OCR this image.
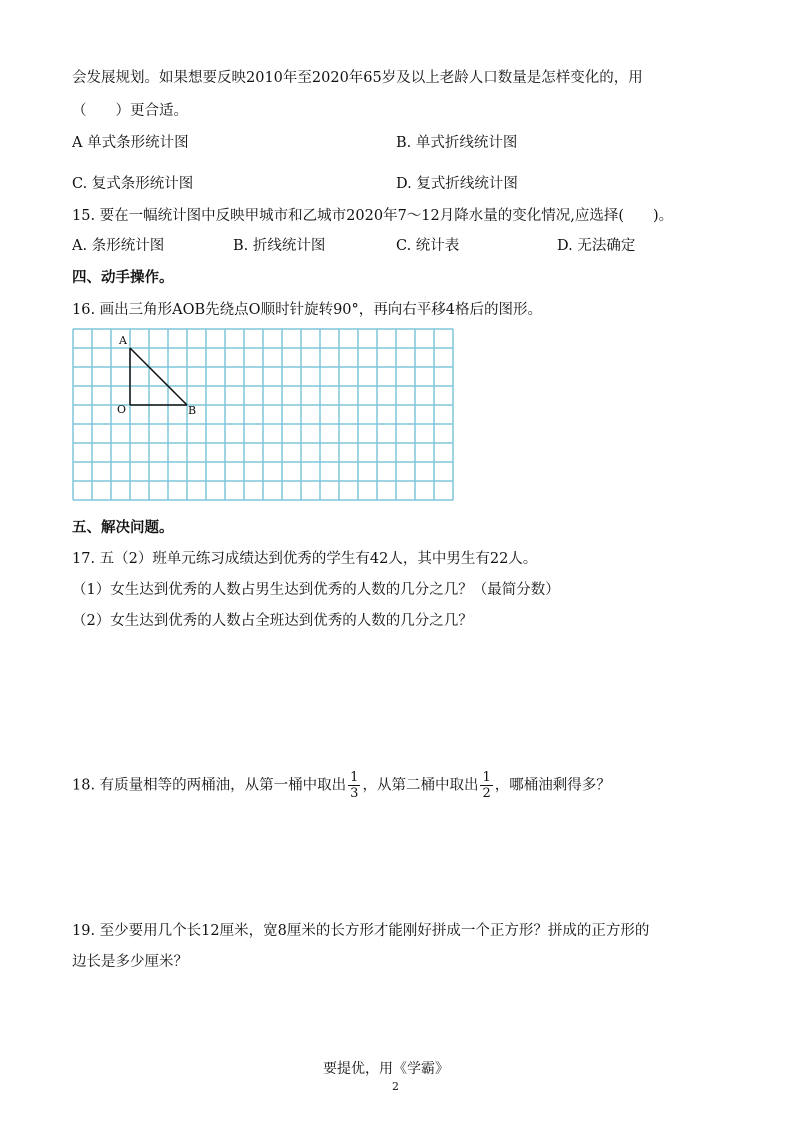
会发展规划。如果想要反映2010年至2020年65岁及以上老龄人口数量是怎样变化的，用
（　　）更合适。
A 单式条形统计图	B. 单式折线统计图
C. 复式条形统计图	D. 复式折线统计图
15. 要在一幅统计图中反映甲城市和乙城市2020年7～12月降水量的变化情况,应选择(　　)。
A. 条形统计图	B. 折线统计图	C. 统计表	D. 无法确定
四、动手操作。
16. 画出三角形AOB先绕点O顺时针旋转90°，再向右平移4格后的图形。
A
O	B
五、解决问题。
17. 五（2）班单元练习成绩达到优秀的学生有42人，其中男生有22人。
（1）女生达到优秀的人数占男生达到优秀的人数的几分之几？（最简分数）
（2）女生达到优秀的人数占全班达到优秀的人数的几分之几？
18. 有质量相等的两桶油，从第一桶中取出 $\frac{1}{3}$ ，从第二桶中取出 $\frac{1}{2}$ ，哪桶油剩得多？
19. 至少要用几个长12厘米，宽8厘米的长方形才能刚好拼成一个正方形？拼成的正方形的
边长是多少厘米？
要提优，用《学霸》
2
